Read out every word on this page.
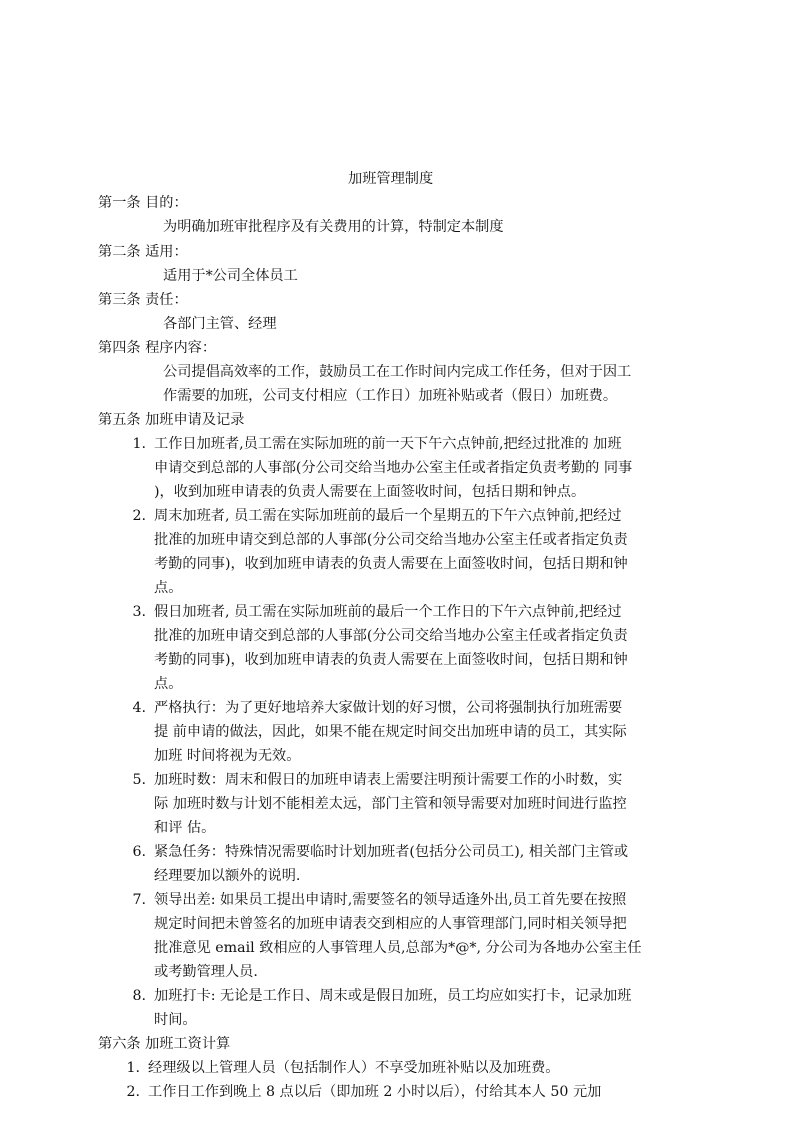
加班管理制度
第一条 目的：
为明确加班审批程序及有关费用的计算，特制定本制度
第二条 适用：
适用于*公司全体员工
第三条 责任：
各部门主管、经理
第四条 程序内容：
公司提倡高效率的工作，鼓励员工在工作时间内完成工作任务，但对于因工
作需要的加班，公司支付相应（工作日）加班补贴或者（假日）加班费。
第五条 加班申请及记录
1. 工作日加班者,员工需在实际加班的前一天下午六点钟前,把经过批准的 加班
申请交到总部的人事部(分公司交给当地办公室主任或者指定负责考勤的 同事
)，收到加班申请表的负责人需要在上面签收时间，包括日期和钟点。
2. 周末加班者, 员工需在实际加班前的最后一个星期五的下午六点钟前,把经过
批准的加班申请交到总部的人事部(分公司交给当地办公室主任或者指定负责
考勤的同事)，收到加班申请表的负责人需要在上面签收时间，包括日期和钟
点。
3. 假日加班者, 员工需在实际加班前的最后一个工作日的下午六点钟前,把经过
批准的加班申请交到总部的人事部(分公司交给当地办公室主任或者指定负责
考勤的同事)，收到加班申请表的负责人需要在上面签收时间，包括日期和钟
点。
4. 严格执行：为了更好地培养大家做计划的好习惯，公司将强制执行加班需要
提 前申请的做法，因此，如果不能在规定时间交出加班申请的员工，其实际
加班 时间将视为无效。
5. 加班时数：周末和假日的加班申请表上需要注明预计需要工作的小时数，实
际 加班时数与计划不能相差太远，部门主管和领导需要对加班时间进行监控
和评 估。
6. 紧急任务：特殊情况需要临时计划加班者(包括分公司员工), 相关部门主管或
经理要加以额外的说明.
7. 领导出差: 如果员工提出申请时,需要签名的领导适逢外出,员工首先要在按照
规定时间把未曾签名的加班申请表交到相应的人事管理部门,同时相关领导把
批准意见 email 致相应的人事管理人员,总部为*@*, 分公司为各地办公室主任
或考勤管理人员.
8. 加班打卡: 无论是工作日、周末或是假日加班，员工均应如实打卡，记录加班
时间。
第六条 加班工资计算
1. 经理级以上管理人员（包括制作人）不享受加班补贴以及加班费。
2. 工作日工作到晚上 8 点以后（即加班 2 小时以后），付给其本人 50 元加
